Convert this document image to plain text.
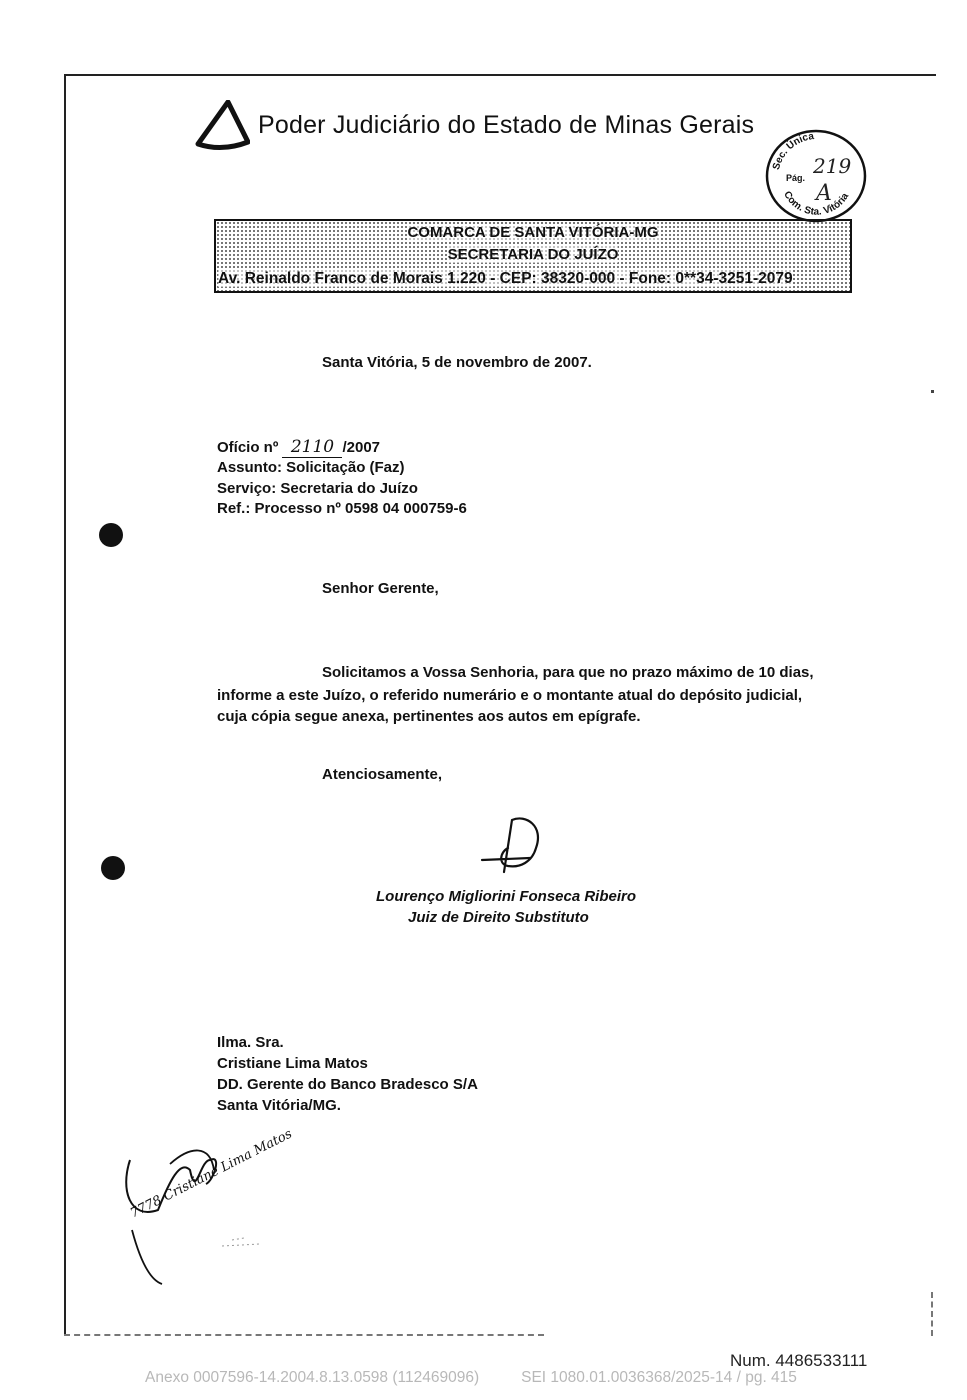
Poder Judiciário do Estado de Minas Gerais
Sec. Única
Com. Sta. Vitória
Pág. 219
A
COMARCA DE SANTA VITÓRIA-MG
SECRETARIA DO JUÍZO
Av. Reinaldo Franco de Morais 1.220 - CEP: 38320-000 - Fone: 0**34-3251-2079
Santa Vitória, 5 de novembro de 2007.
Ofício nº 2110 /2007
Assunto: Solicitação (Faz)
Serviço: Secretaria do Juízo
Ref.: Processo nº 0598 04 000759-6
Senhor Gerente,
Solicitamos a Vossa Senhoria, para que no prazo máximo de 10 dias,
informe a este Juízo, o referido numerário e o montante atual do depósito judicial,
cuja cópia segue anexa, pertinentes aos autos em epígrafe.
Atenciosamente,
Lourenço Migliorini Fonseca Ribeiro
Juiz de Direito Substituto
Ilma. Sra.
Cristiane Lima Matos
DD. Gerente do Banco Bradesco S/A
Santa Vitória/MG.
7778 Cristiane Lima Matos
Num. 4486533111
Anexo 0007596-14.2004.8.13.0598 (112469096)	SEI 1080.01.0036368/2025-14 / pg. 415
